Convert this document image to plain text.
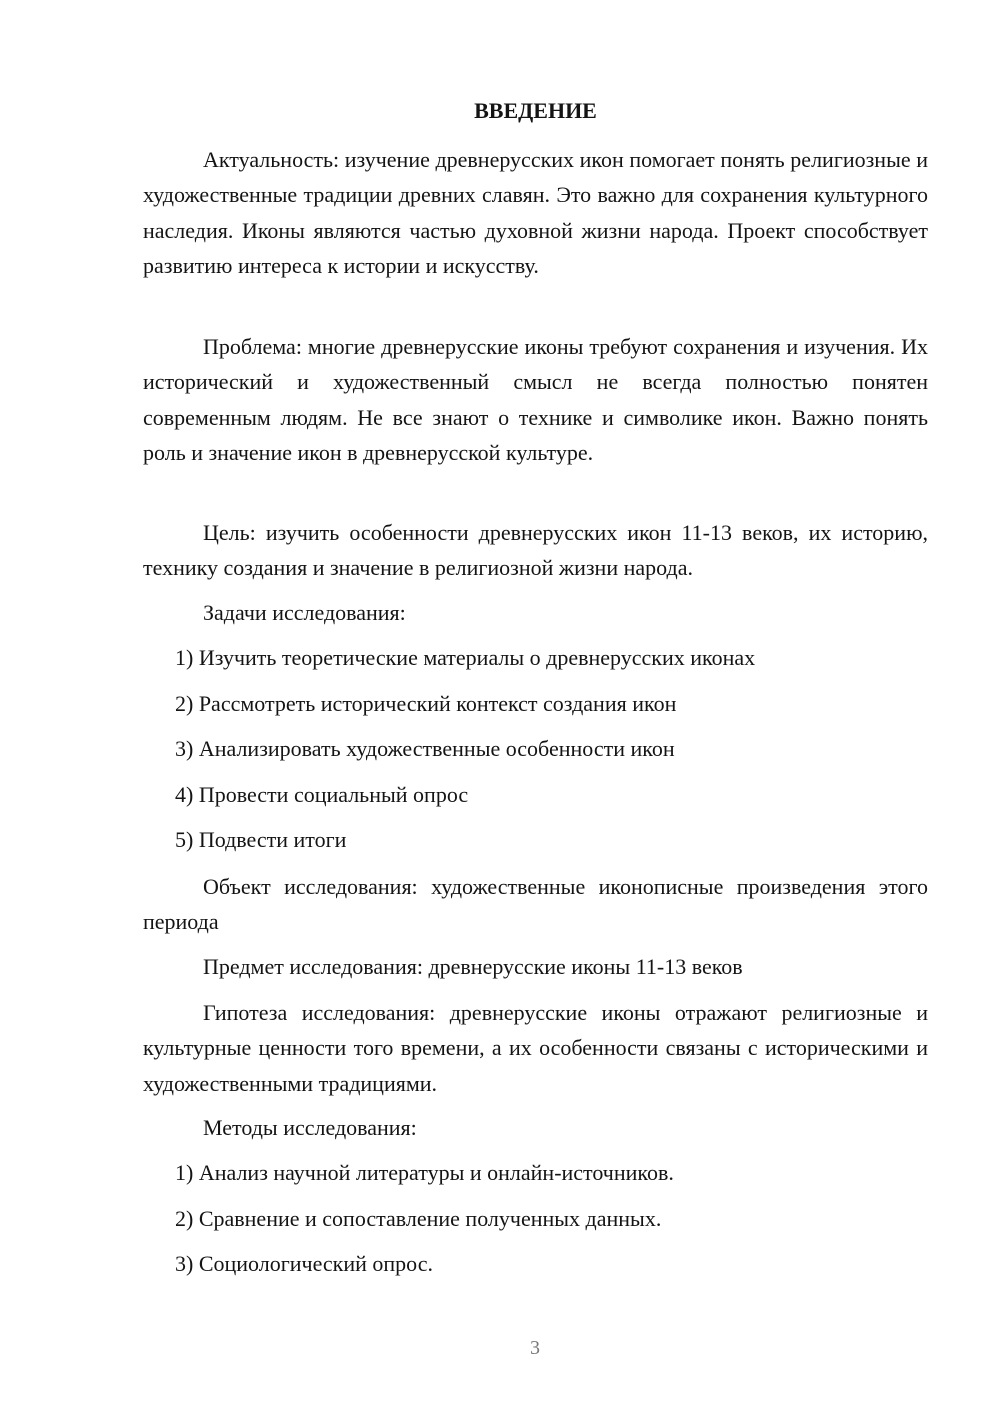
ВВЕДЕНИЕ

Актуальность: изучение древнерусских икон помогает понять религиозные и художественные традиции древних славян. Это важно для сохранения культурного наследия. Иконы являются частью духовной жизни народа. Проект способствует развитию интереса к истории и искусству.

Проблема: многие древнерусские иконы требуют сохранения и изучения. Их исторический и художественный смысл не всегда полностью понятен современным людям. Не все знают о технике и символике икон. Важно понять роль и значение икон в древнерусской культуре.

Цель: изучить особенности древнерусских икон 11-13 веков, их историю, технику создания и значение в религиозной жизни народа.

Задачи исследования:
1) Изучить теоретические материалы о древнерусских иконах
2) Рассмотреть исторический контекст создания икон
3) Анализировать художественные особенности икон
4) Провести социальный опрос
5) Подвести итоги

Объект исследования: художественные иконописные произведения этого периода

Предмет исследования: древнерусские иконы 11-13 веков

Гипотеза исследования: древнерусские иконы отражают религиозные и культурные ценности того времени, а их особенности связаны с историческими и художественными традициями.

Методы исследования:
1) Анализ научной литературы и онлайн-источников.
2) Сравнение и сопоставление полученных данных.
3) Социологический опрос.
3
